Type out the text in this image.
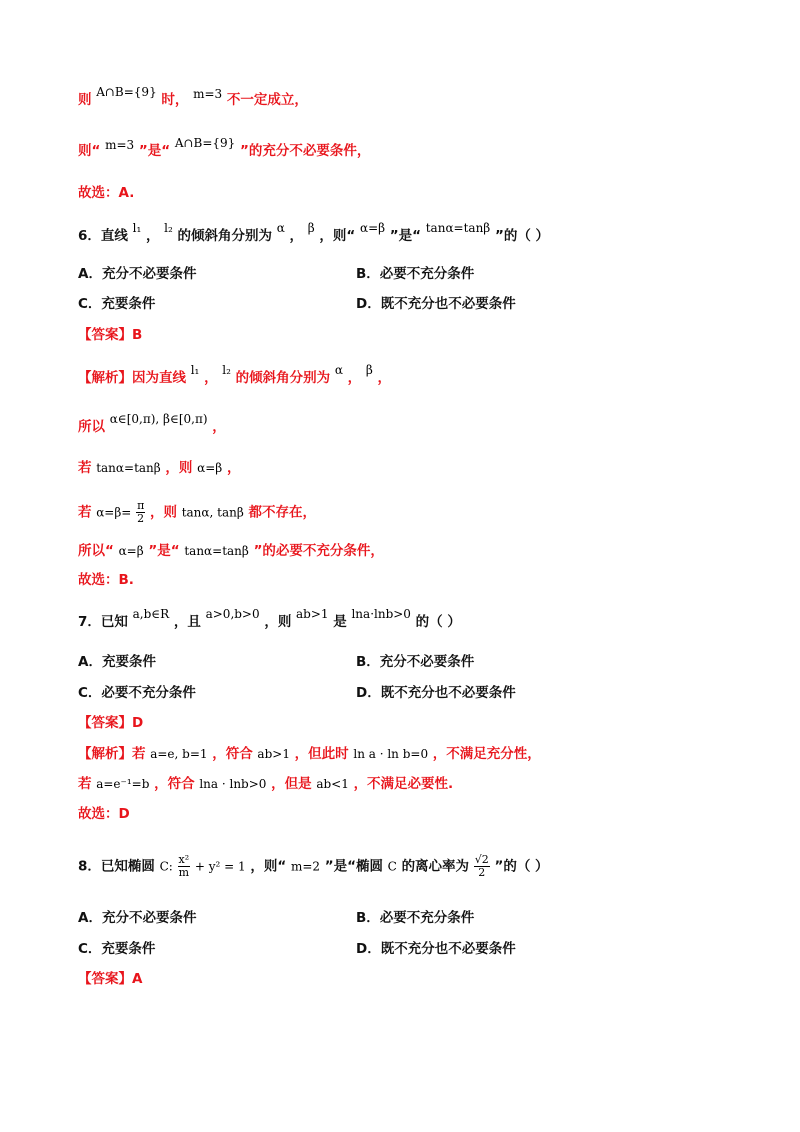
则 A∩B={9} 时， m=3 不一定成立，
则“ m=3 ”是“ A∩B={9} ”的充分不必要条件，
故选：A.
6．直线 l₁ ， l₂ 的倾斜角分别为 α ， β ，则“ α=β ”是“ tanα=tanβ ”的（ ）
A．充分不必要条件	B．必要不充分条件
C．充要条件	D．既不充分也不必要条件
【答案】B
【解析】因为直线 l₁ ， l₂ 的倾斜角分别为 α ， β ，
所以 α∈[0,π), β∈[0,π) ，
若 tanα=tanβ ，则 α=β ，
若 $\alpha=\beta= \frac{\pi}{2}$ ，则 tanα, tanβ 都不存在，
所以“ α=β ”是“ tanα=tanβ ”的必要不充分条件，
故选：B.
7．已知 a,b∈R ，且 a>0,b>0 ，则 ab>1 是 lna·lnb>0 的（ ）
A．充要条件	B．充分不必要条件
C．必要不充分条件	D．既不充分也不必要条件
【答案】D
【解析】若 a=e, b=1 ，符合 ab>1 ，但此时 ln a · ln b=0 ，不满足充分性，
若 a=e⁻¹=b ，符合 lna · lnb>0 ，但是 ab<1 ，不满足必要性.
故选：D
8．已知椭圆 C: $\frac{\text{x²}}{m} + y^2 = 1$ ，则“ m=2 ”是“椭圆 C 的离心率为 $\frac{√2}{2}$ ”的（ ）
A．充分不必要条件	B．必要不充分条件
C．充要条件	D．既不充分也不必要条件
【答案】A
